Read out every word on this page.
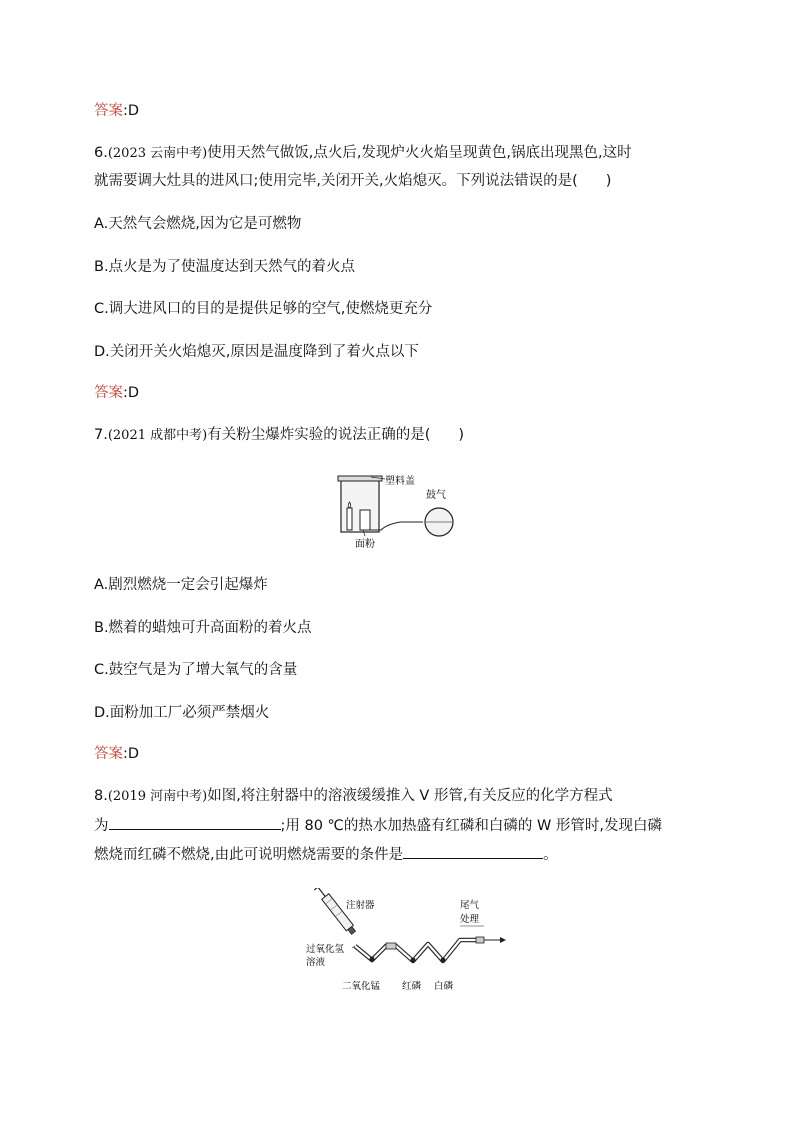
答案:D
6.(2023 云南中考)使用天然气做饭,点火后,发现炉火火焰呈现黄色,锅底出现黑色,这时
就需要调大灶具的进风口;使用完毕,关闭开关,火焰熄灭。下列说法错误的是( )
A.天然气会燃烧,因为它是可燃物
B.点火是为了使温度达到天然气的着火点
C.调大进风口的目的是提供足够的空气,使燃烧更充分
D.关闭开关火焰熄灭,原因是温度降到了着火点以下
答案:D
7.(2021 成都中考)有关粉尘爆炸实验的说法正确的是( )
塑料盖
鼓气
面粉
A.剧烈燃烧一定会引起爆炸
B.燃着的蜡烛可升高面粉的着火点
C.鼓空气是为了增大氧气的含量
D.面粉加工厂必须严禁烟火
答案:D
8.(2019 河南中考)如图,将注射器中的溶液缓缓推入 V 形管,有关反应的化学方程式
为	;用 80 ℃的热水加热盛有红磷和白磷的 W 形管时,发现白磷
燃烧而红磷不燃烧,由此可说明燃烧需要的条件是	。
注射器	尾气
处理
过氧化氢
溶液
二氧化锰 红磷 白磷
